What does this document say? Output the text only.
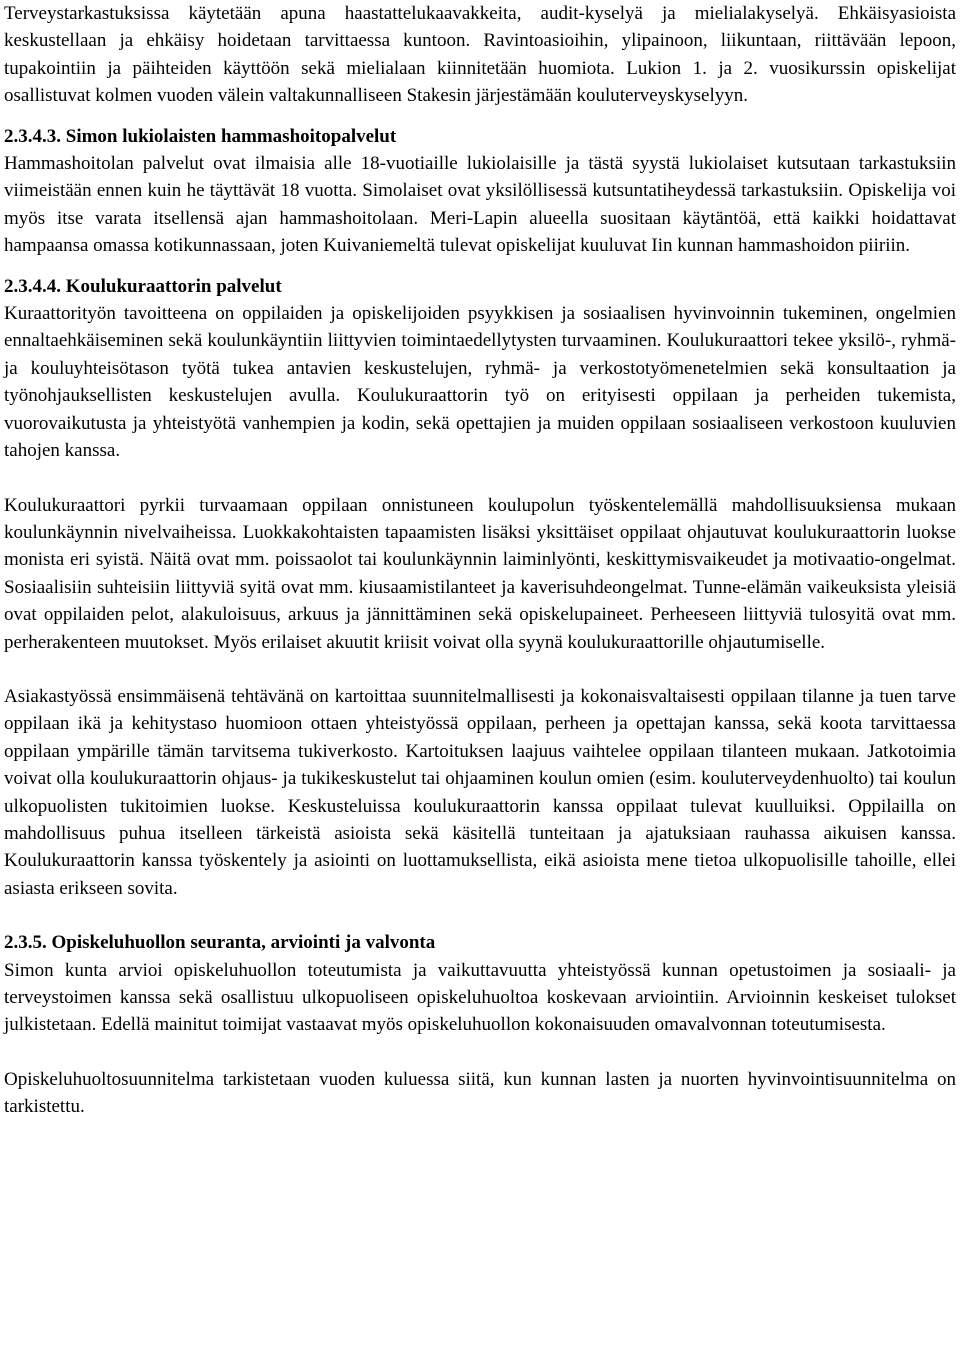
Terveystarkastuksissa käytetään apuna haastattelukaavakkeita, audit-kyselyä ja mielialakyselyä. Ehkäisyasioista keskustellaan ja ehkäisy hoidetaan tarvittaessa kuntoon. Ravintoasioihin, ylipainoon, liikuntaan, riittävään lepoon, tupakointiin ja päihteiden käyttöön sekä mielialaan kiinnitetään huomiota. Lukion 1. ja 2. vuosikurssin opiskelijat osallistuvat kolmen vuoden välein valtakunnalliseen Stakesin järjestämään kouluterveyskyselyyn.

2.3.4.3. Simon lukiolaisten hammashoitopalvelut

Hammashoitolan palvelut ovat ilmaisia alle 18-vuotiaille lukiolaisille ja tästä syystä lukiolaiset kutsutaan tarkastuksiin viimeistään ennen kuin he täyttävät 18 vuotta. Simolaiset ovat yksilöllisessä kutsuntatiheydessä tarkastuksiin. Opiskelija voi myös itse varata itsellensä ajan hammashoitolaan. Meri-Lapin alueella suositaan käytäntöä, että kaikki hoidattavat hampaansa omassa kotikunnassaan, joten Kuivaniemeltä tulevat opiskelijat kuuluvat Iin kunnan hammashoidon piiriin.

2.3.4.4. Koulukuraattorin palvelut

Kuraattorityön tavoitteena on oppilaiden ja opiskelijoiden psyykkisen ja sosiaalisen hyvinvoinnin tukeminen, ongelmien ennaltaehkäiseminen sekä koulunkäyntiin liittyvien toimintaedellytysten turvaaminen. Koulukuraattori tekee yksilö-, ryhmä- ja kouluyhteisötason työtä tukea antavien keskustelujen, ryhmä- ja verkostotyömenetelmien sekä konsultaation ja työnohjauksellisten keskustelujen avulla. Koulukuraattorin työ on erityisesti oppilaan ja perheiden tukemista, vuorovaikutusta ja yhteistyötä vanhempien ja kodin, sekä opettajien ja muiden oppilaan sosiaaliseen verkostoon kuuluvien tahojen kanssa.

Koulukuraattori pyrkii turvaamaan oppilaan onnistuneen koulupolun työskentelemällä mahdollisuuksiensa mukaan koulunkäynnin nivelvaiheissa. Luokkakohtaisten tapaamisten lisäksi yksittäiset oppilaat ohjautuvat koulukuraattorin luokse monista eri syistä. Näitä ovat mm. poissaolot tai koulunkäynnin laiminlyönti, keskittymisvaikeudet ja motivaatio-ongelmat. Sosiaalisiin suhteisiin liittyviä syitä ovat mm. kiusaamistilanteet ja kaverisuhdeongelmat. Tunne-elämän vaikeuksista yleisiä ovat oppilaiden pelot, alakuloisuus, arkuus ja jännittäminen sekä opiskelupaineet. Perheeseen liittyviä tulosyitä ovat mm. perherakenteen muutokset. Myös erilaiset akuutit kriisit voivat olla syynä koulukuraattorille ohjautumiselle.

Asiakastyössä ensimmäisenä tehtävänä on kartoittaa suunnitelmallisesti ja kokonaisvaltaisesti oppilaan tilanne ja tuen tarve oppilaan ikä ja kehitystaso huomioon ottaen yhteistyössä oppilaan, perheen ja opettajan kanssa, sekä koota tarvittaessa oppilaan ympärille tämän tarvitsema tukiverkosto. Kartoituksen laajuus vaihtelee oppilaan tilanteen mukaan. Jatkotoimia voivat olla koulukuraattorin ohjaus- ja tukikeskustelut tai ohjaaminen koulun omien (esim. kouluterveydenhuolto) tai koulun ulkopuolisten tukitoimien luokse. Keskusteluissa koulukuraattorin kanssa oppilaat tulevat kuulluiksi. Oppilailla on mahdollisuus puhua itselleen tärkeistä asioista sekä käsitellä tunteitaan ja ajatuksiaan rauhassa aikuisen kanssa. Koulukuraattorin kanssa työskentely ja asiointi on luottamuksellista, eikä asioista mene tietoa ulkopuolisille tahoille, ellei asiasta erikseen sovita.

2.3.5. Opiskeluhuollon seuranta, arviointi ja valvonta

Simon kunta arvioi opiskeluhuollon toteutumista ja vaikuttavuutta yhteistyössä kunnan opetustoimen ja sosiaali- ja terveystoimen kanssa sekä osallistuu ulkopuoliseen opiskeluhuoltoa koskevaan arviointiin. Arvioinnin keskeiset tulokset julkistetaan. Edellä mainitut toimijat vastaavat myös opiskeluhuollon kokonaisuuden omavalvonnan toteutumisesta.

Opiskeluhuoltosuunnitelma tarkistetaan vuoden kuluessa siitä, kun kunnan lasten ja nuorten hyvinvointisuunnitelma on tarkistettu.
